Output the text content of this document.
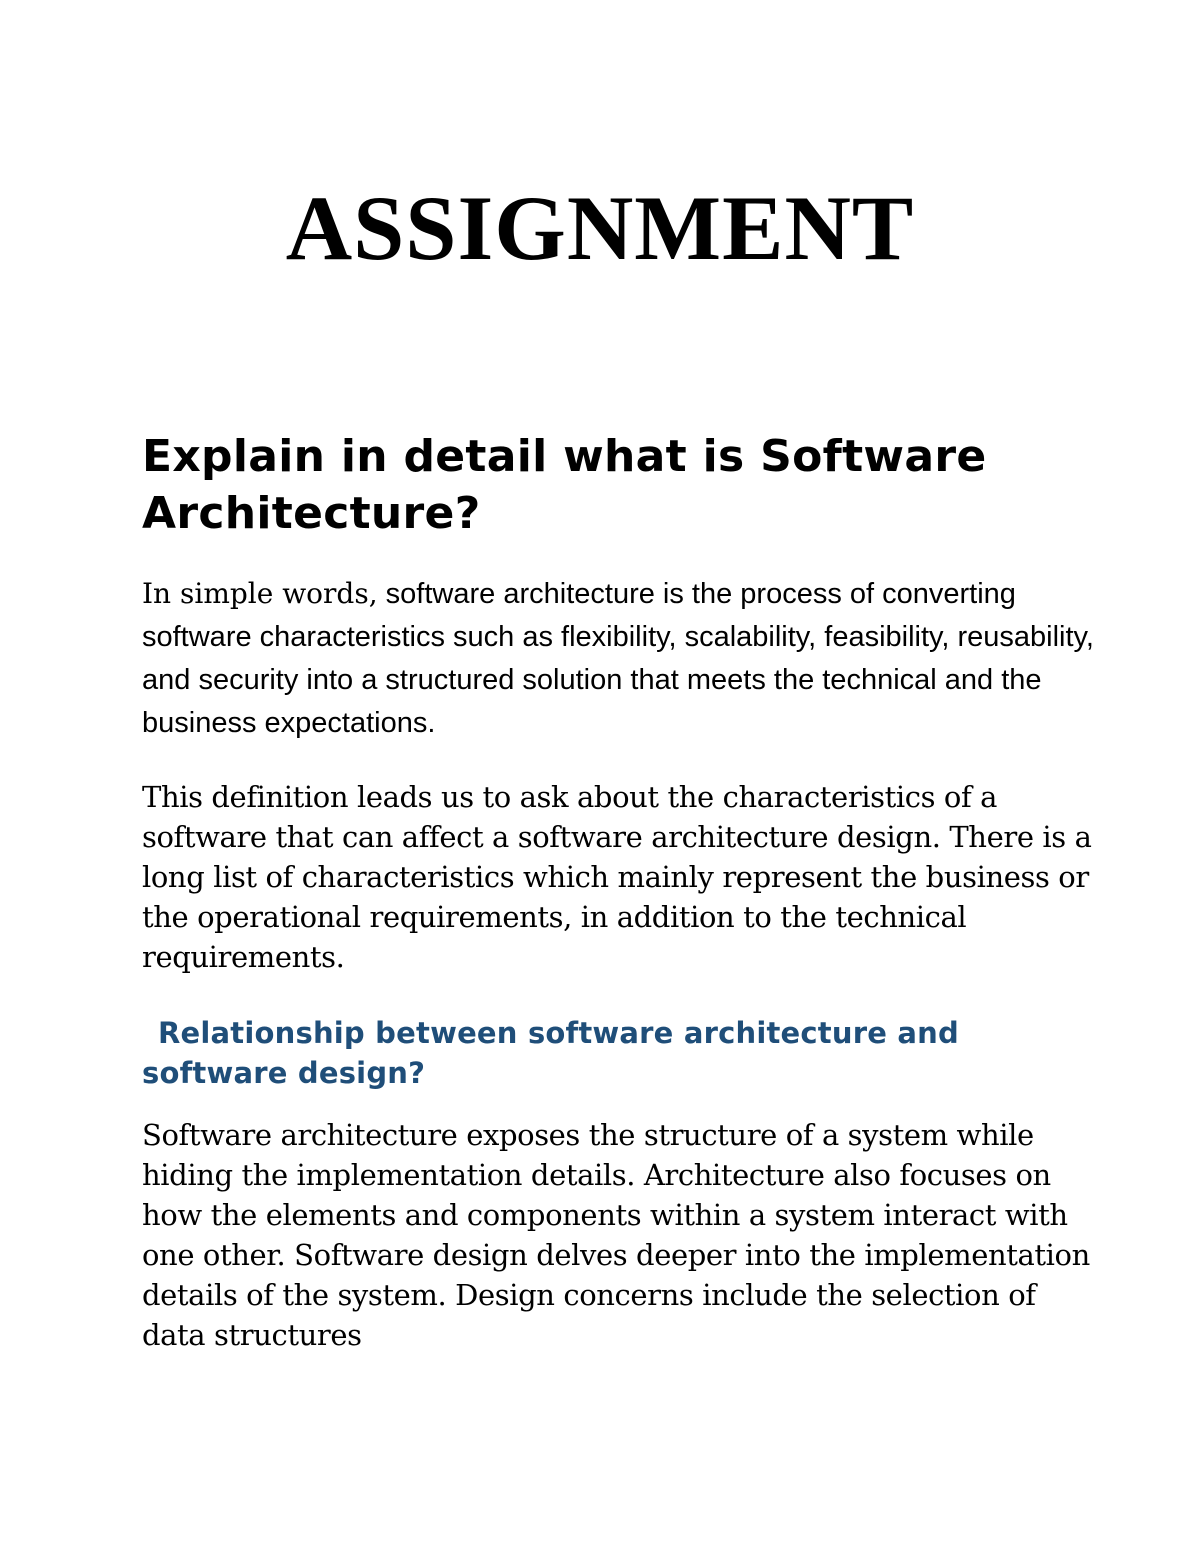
ASSIGNMENT
Explain in detail what is Software Architecture?

In simple words, software architecture is the process of converting software characteristics such as flexibility, scalability, feasibility, reusability, and security into a structured solution that meets the technical and the business expectations.

This definition leads us to ask about the characteristics of a software that can affect a software architecture design. There is a long list of characteristics which mainly represent the business or the operational requirements, in addition to the technical requirements.

Relationship between software architecture and software design?

Software architecture exposes the structure of a system while hiding the implementation details. Architecture also focuses on how the elements and components within a system interact with one other. Software design delves deeper into the implementation details of the system. Design concerns include the selection of data structures
